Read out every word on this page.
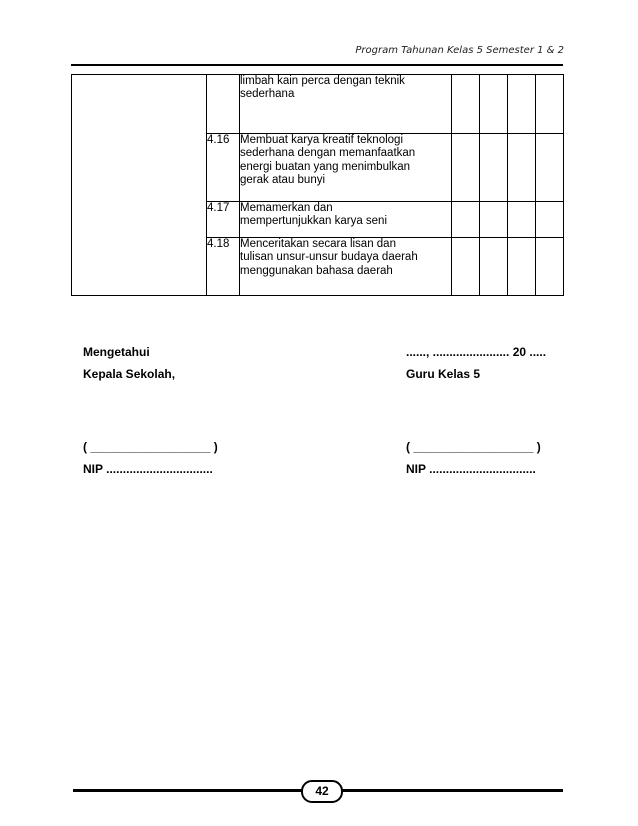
Program Tahunan Kelas 5 Semester 1 & 2

		limbah kain perca dengan teknik
sederhana				

	4.16	Membuat karya kreatif teknologi
sederhana dengan memanfaatkan
energi buatan yang menimbulkan
gerak atau bunyi				

	4.17	Memamerkan dan
mempertunjukkan karya seni				

	4.18	Menceritakan secara lisan dan
tulisan unsur-unsur budaya daerah
menggunakan bahasa daerah				

Mengetahui
Kepala Sekolah,
( __________________ )
NIP ................................
......, ....................... 20 .....
Guru Kelas 5
( __________________ )
NIP ................................
42
